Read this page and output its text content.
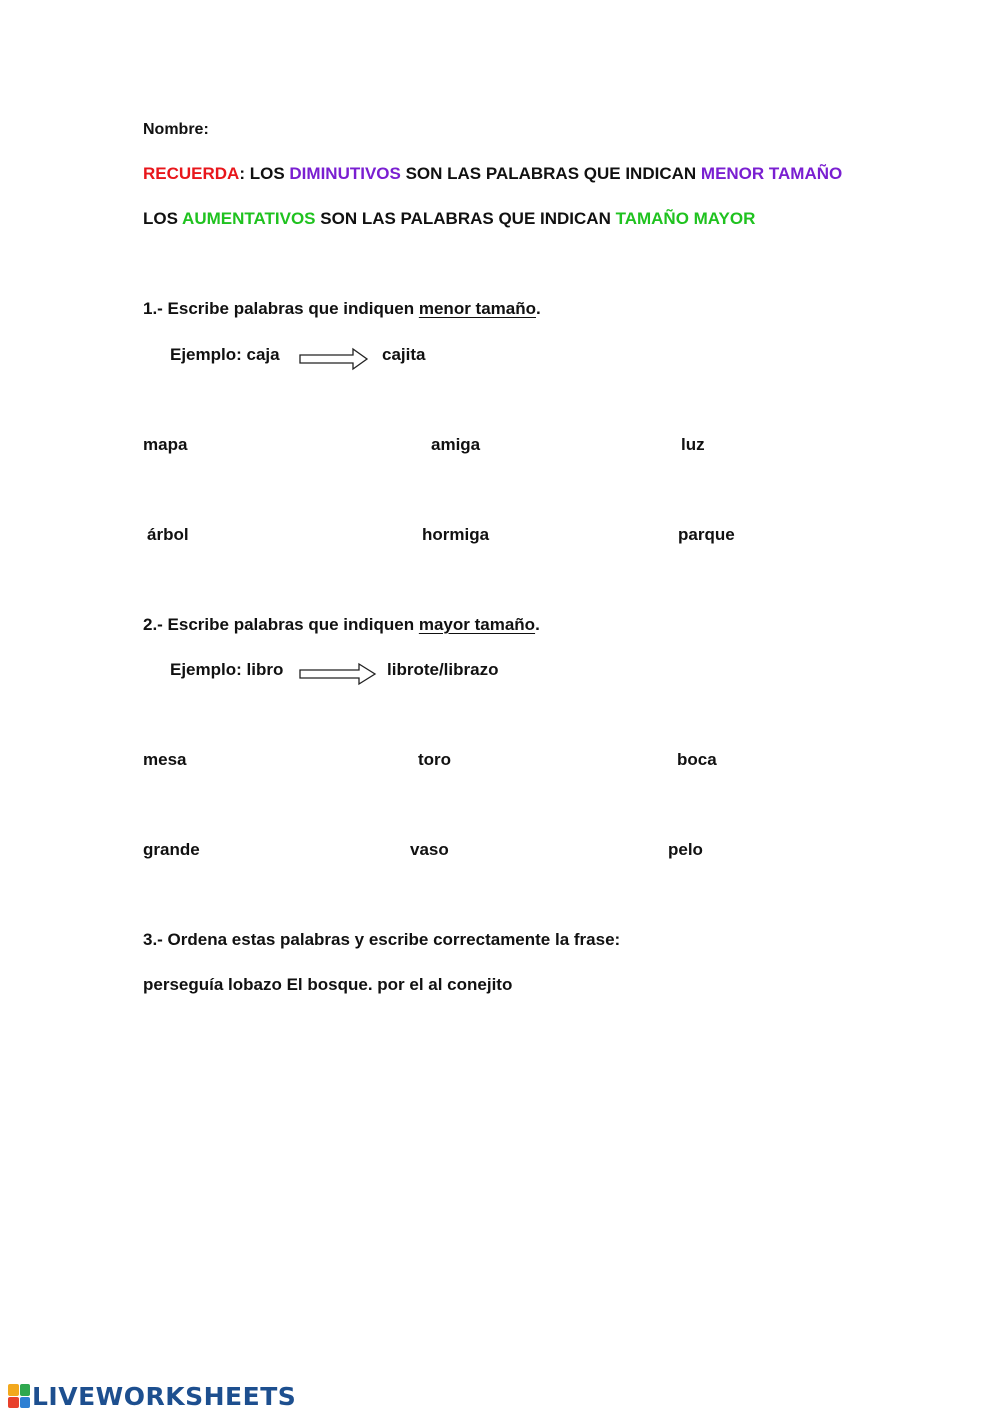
Nombre:
RECUERDA: LOS DIMINUTIVOS SON LAS PALABRAS QUE INDICAN MENOR TAMAÑO
LOS AUMENTATIVOS SON LAS PALABRAS QUE INDICAN TAMAÑO MAYOR
1.- Escribe palabras que indiquen menor tamaño.
Ejemplo: caja	cajita
mapa	amiga	luz
árbol	hormiga	parque
2.- Escribe palabras que indiquen mayor tamaño.
Ejemplo: libro	librote/librazo
mesa	toro	boca
grande	vaso	pelo
3.- Ordena estas palabras y escribe correctamente la frase:
perseguía lobazo El bosque. por el al conejito
LIVEWORKSHEETS
